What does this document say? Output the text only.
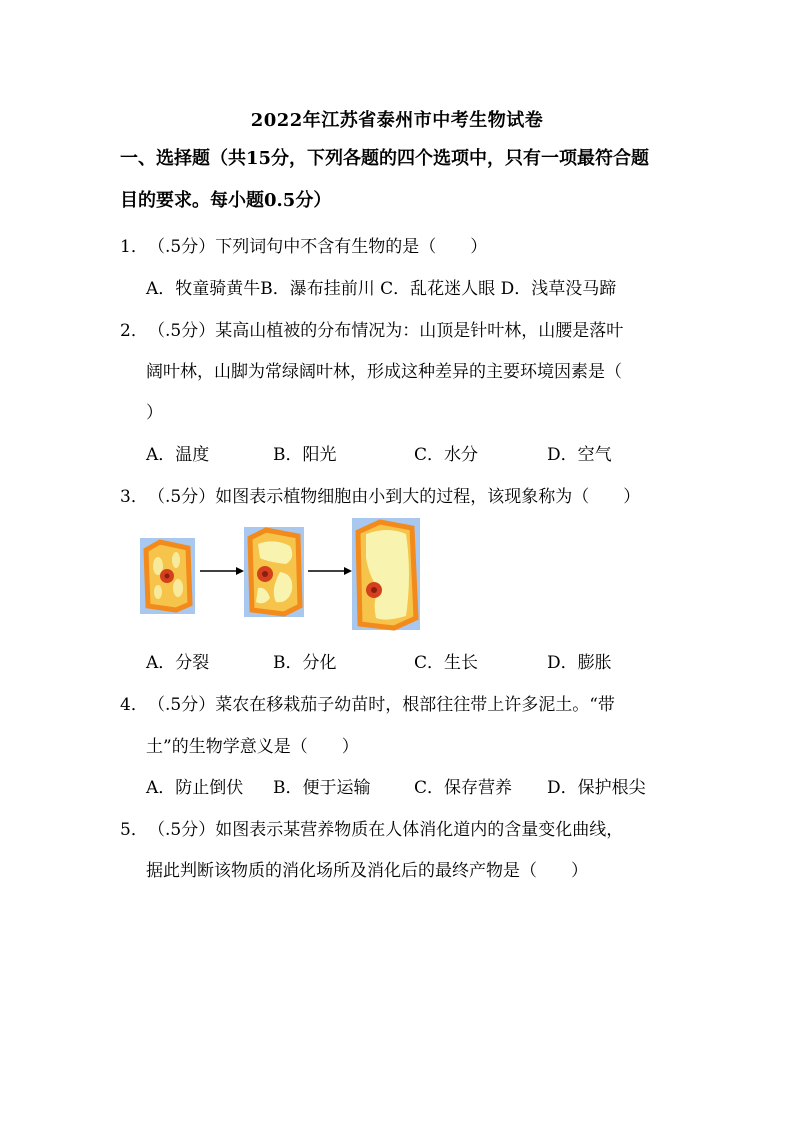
2022年江苏省泰州市中考生物试卷
一、选择题（共15分，下列各题的四个选项中，只有一项最符合题
目的要求。每小题0.5分）
1． （.5分）下列词句中不含有生物的是（　　）
A．牧童骑黄牛B．瀑布挂前川 C．乱花迷人眼 D．浅草没马蹄
2． （.5分）某高山植被的分布情况为：山顶是针叶林，山腰是落叶
阔叶林，山脚为常绿阔叶林，形成这种差异的主要环境因素是（
）
A．温度	B．阳光	C．水分	D．空气
3． （.5分）如图表示植物细胞由小到大的过程，该现象称为（　　）
A．分裂	B．分化	C．生长	D．膨胀
4． （.5分）菜农在移栽茄子幼苗时，根部往往带上许多泥土。“带
土”的生物学意义是（　　）
A．防止倒伏 B．便于运输	C．保存营养 D．保护根尖
5． （.5分）如图表示某营养物质在人体消化道内的含量变化曲线，
据此判断该物质的消化场所及消化后的最终产物是（　　）
